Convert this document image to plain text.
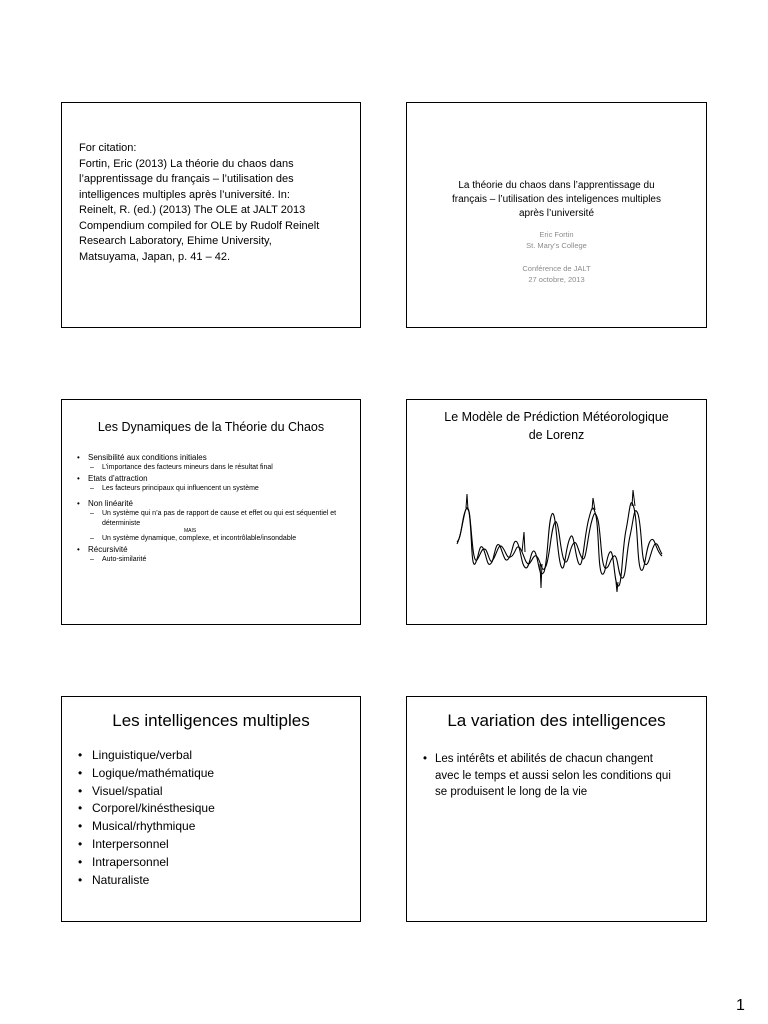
For citation:
Fortin, Eric (2013) La théorie du chaos dans
l’apprentissage du français – l’utilisation des
intelligences multiples après l’université. In:
Reinelt, R. (ed.) (2013) The OLE at JALT 2013
Compendium compiled for OLE by Rudolf Reinelt
Research Laboratory, Ehime University,
Matsuyama, Japan, p. 41 – 42.
La théorie du chaos dans l’apprentissage du
français – l’utilisation des inteligences multiples
après l’université
Eric Fortin
St. Mary’s College
Conférence de JALT
27 octobre, 2013
Les Dynamiques de la Théorie du Chaos
• Sensibilité aux conditions initiales
– L’importance des facteurs mineurs dans le résultat final
• Etats d’attraction
– Les facteurs principaux qui influencent un système
• Non linéarité
– Un système qui n’a pas de rapport de cause et effet ou qui est séquentiel et déterministe
MAIS
– Un système dynamique, complexe, et incontrôlable/insondable
• Récursivité
– Auto-similarité
Le Modèle de Prédiction Météorologique
de Lorenz
Les intelligences multiples
• Linguistique/verbal
• Logique/mathématique
• Visuel/spatial
• Corporel/kinésthesique
• Musical/rhythmique
• Interpersonnel
• Intrapersonnel
• Naturaliste
La variation des intelligences
• Les intérêts et abilités de chacun changent
avec le temps et aussi selon les conditions qui
se produisent le long de la vie
1
